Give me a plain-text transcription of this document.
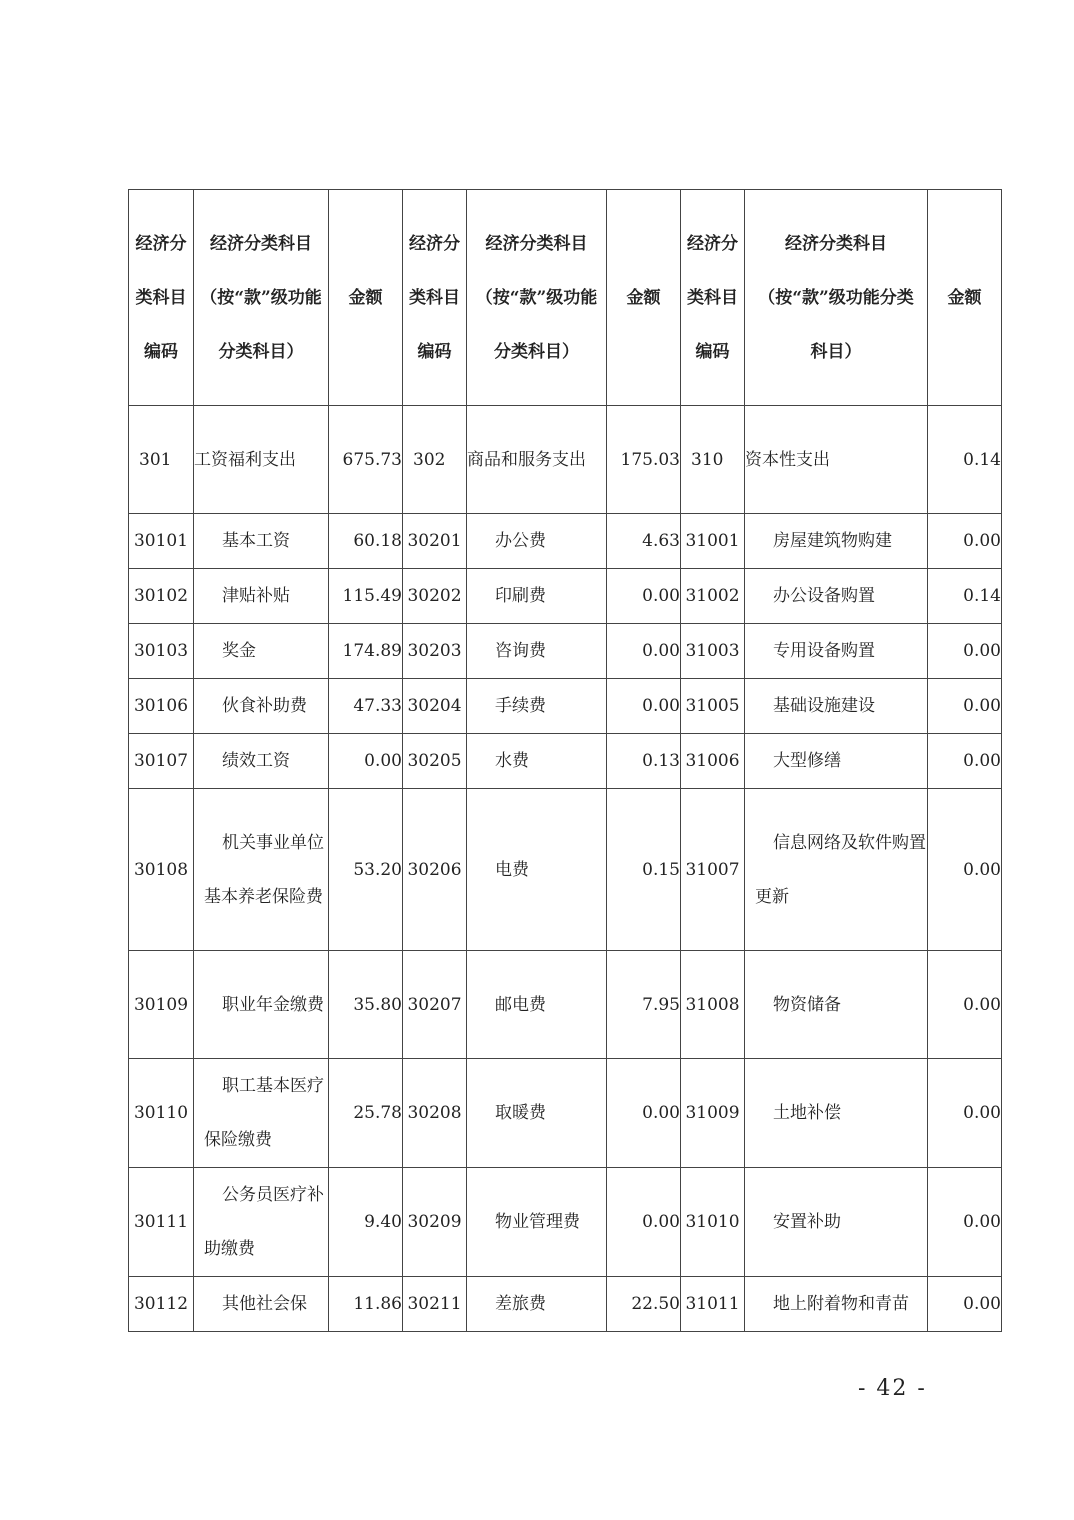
经济分类科目编码	经济分类科目（按“款”级功能分类科目）	金额	经济分类科目编码	经济分类科目（按“款”级功能分类科目）	金额	经济分类科目编码	经济分类科目（按“款”级功能分类科目）	金额
301	工资福利支出	675.73	302	商品和服务支出	175.03	310	资本性支出	0.14
30101	基本工资	60.18	30201	办公费	4.63	31001	房屋建筑物购建	0.00
30102	津贴补贴	115.49	30202	印刷费	0.00	31002	办公设备购置	0.14
30103	奖金	174.89	30203	咨询费	0.00	31003	专用设备购置	0.00
30106	伙食补助费	47.33	30204	手续费	0.00	31005	基础设施建设	0.00
30107	绩效工资	0.00	30205	水费	0.13	31006	大型修缮	0.00
30108	机关事业单位基本养老保险费	53.20	30206	电费	0.15	31007	信息网络及软件购置更新	0.00
30109	职业年金缴费	35.80	30207	邮电费	7.95	31008	物资储备	0.00
30110	职工基本医疗保险缴费	25.78	30208	取暖费	0.00	31009	土地补偿	0.00
30111	公务员医疗补助缴费	9.40	30209	物业管理费	0.00	31010	安置补助	0.00
30112	其他社会保	11.86	30211	差旅费	22.50	31011	地上附着物和青苗	0.00
- 42 -
